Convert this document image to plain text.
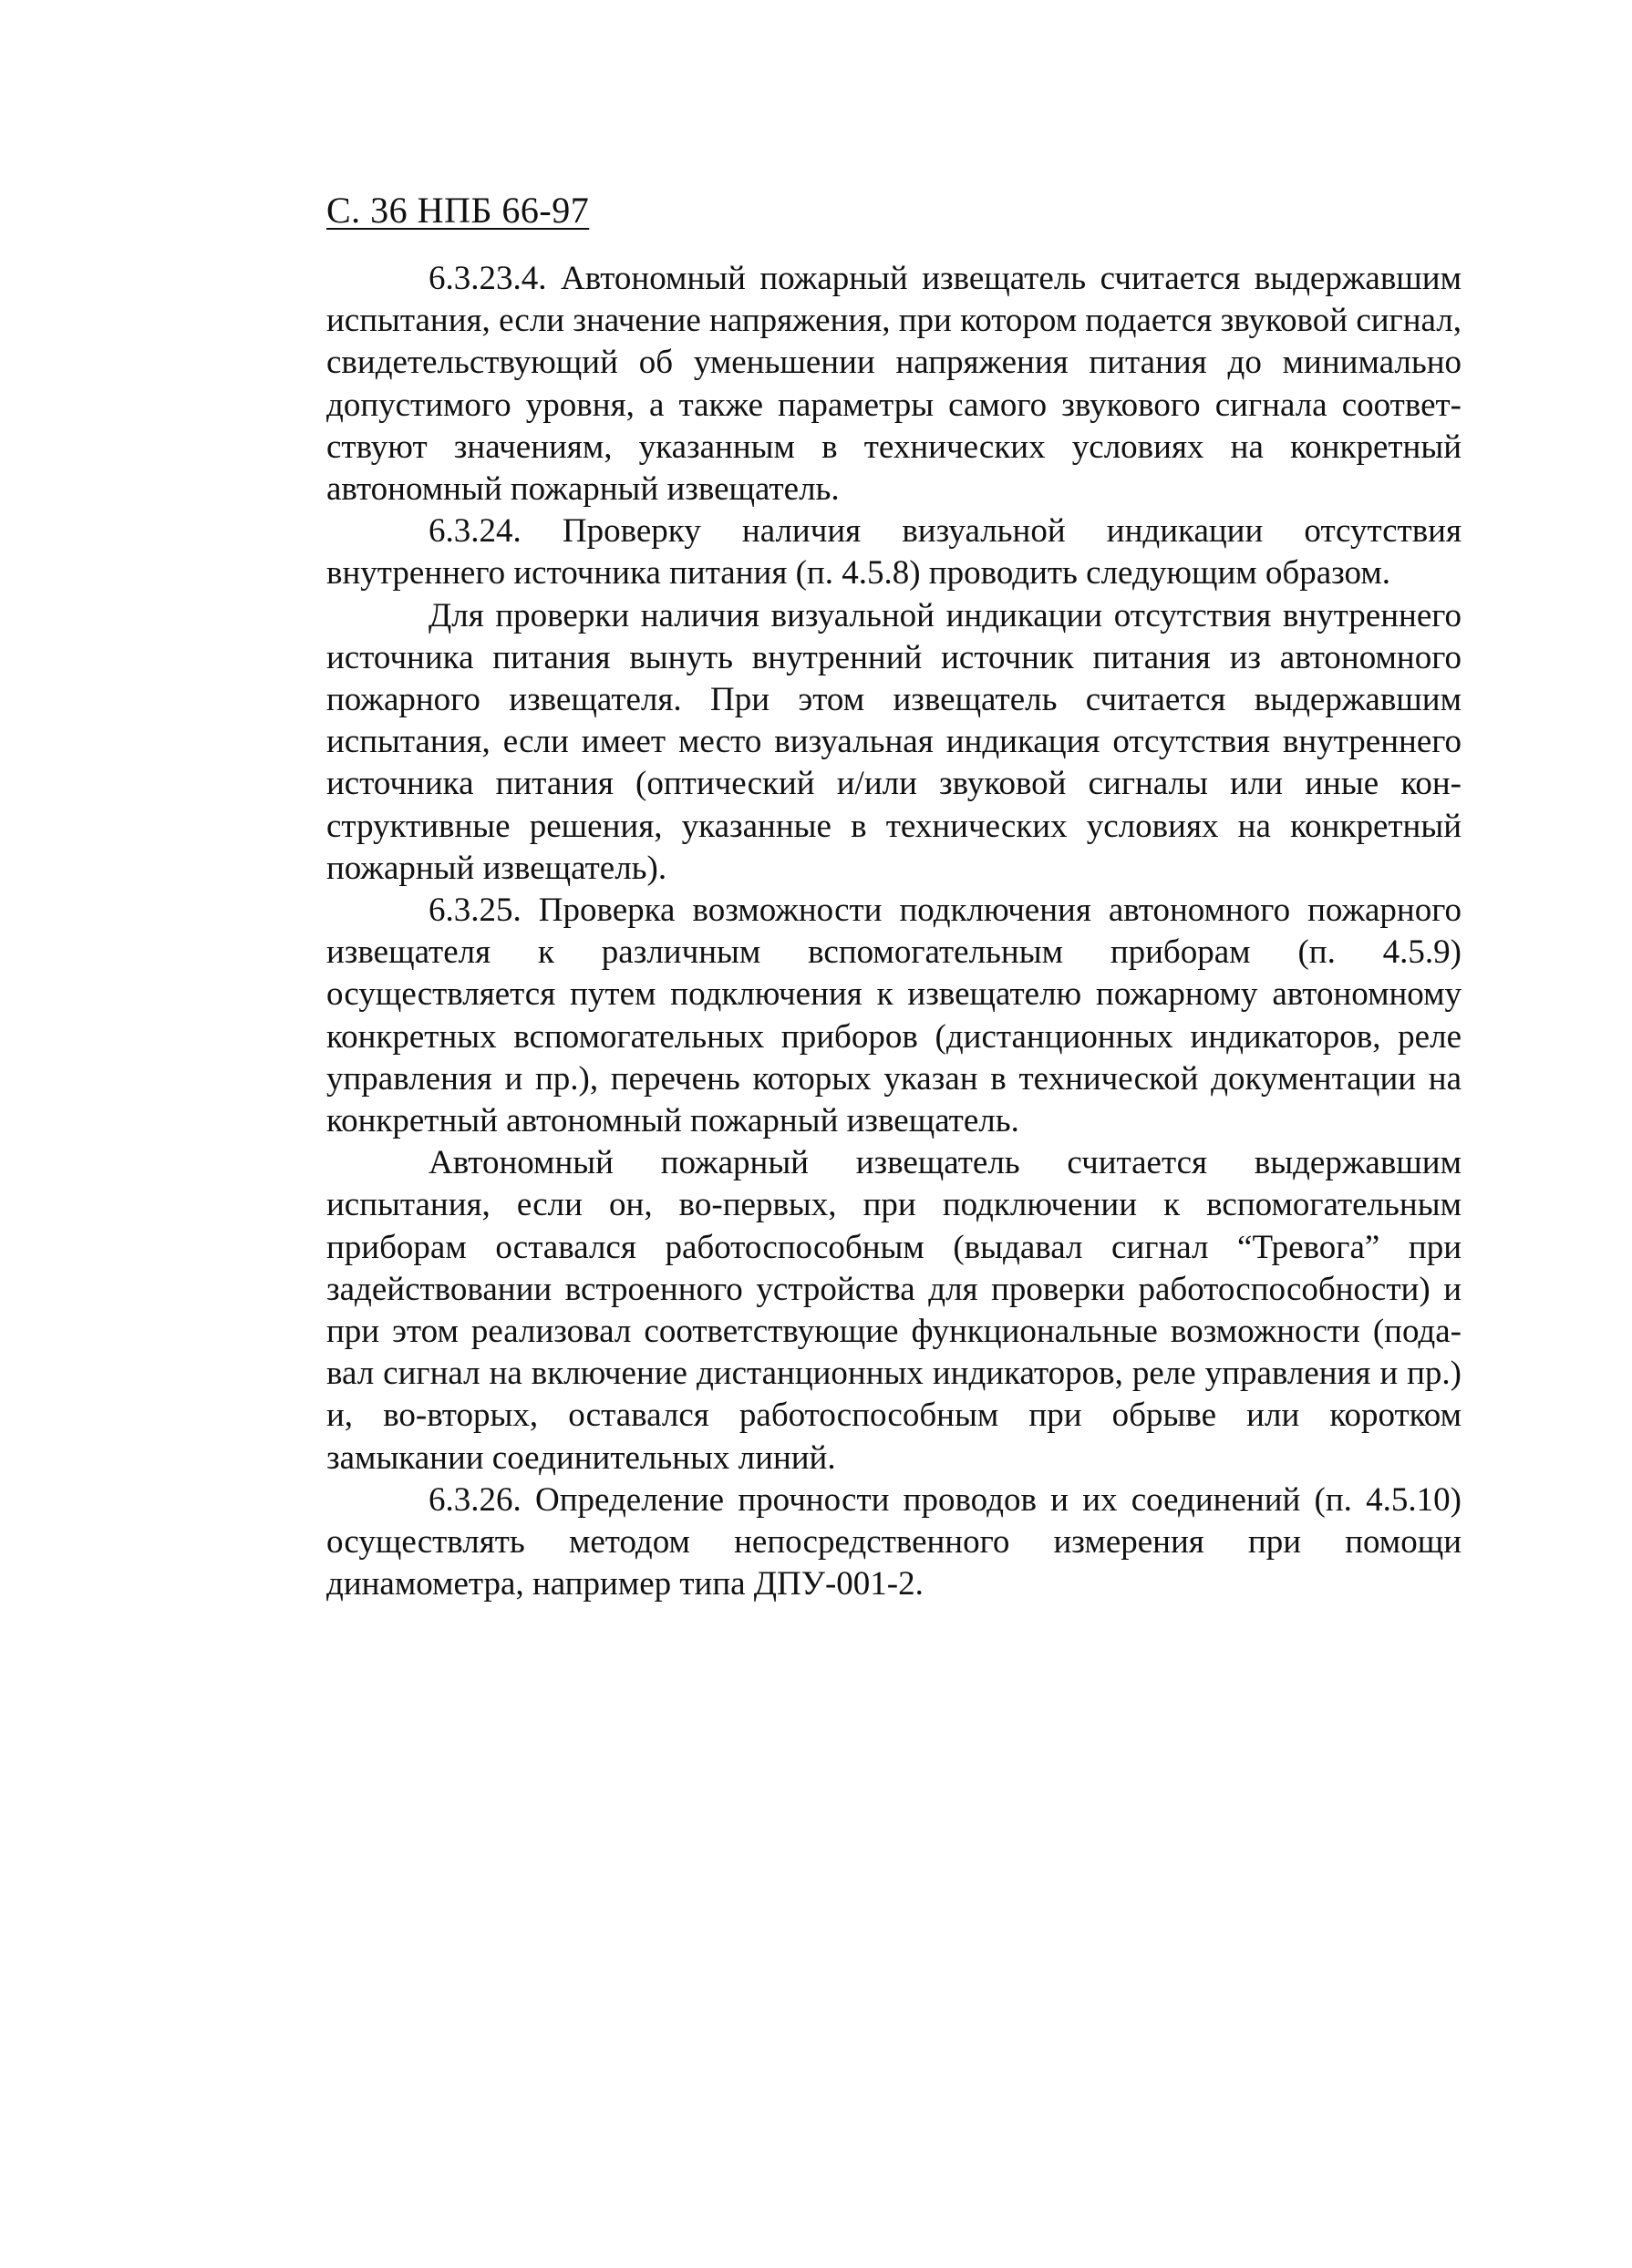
С. 36 НПБ 66-97

6.3.23.4. Автономный пожарный извещатель считается выдержавшим испытания, если значение напряжения, при котором подается звуковой сигнал, свидетельствующий об уменьшении напряжения питания до минимально допустимого уровня, а также параметры самого звукового сигнала соответствуют значениям, указанным в технических условиях на конкретный автономный пожарный извещатель.

6.3.24. Проверку наличия визуальной индикации отсутствия внутреннего источника питания (п. 4.5.8) проводить следующим образом.

Для проверки наличия визуальной индикации отсутствия внутреннего источника питания вынуть внутренний источник питания из автономного пожарного извещателя. При этом извещатель считается выдержавшим испытания, если имеет место визуальная индикация отсутствия внутреннего источника питания (оптический и/или звуковой сигналы или иные конструктивные решения, указанные в технических условиях на конкретный пожарный извещатель).

6.3.25. Проверка возможности подключения автономного пожарного извещателя к различным вспомогательным приборам (п. 4.5.9) осуществляется путем подключения к извещателю пожарному автономному конкретных вспомогательных приборов (дистанционных индикаторов, реле управления и пр.), перечень которых указан в технической документации на конкретный автономный пожарный извещатель.

Автономный пожарный извещатель считается выдержавшим испытания, если он, во-первых, при подключении к вспомогательным приборам оставался работоспособным (выдавал сигнал “Тревога” при задействовании встроенного устройства для проверки работоспособности) и при этом реализовал соответствующие функциональные возможности (подавал сигнал на включение дистанционных индикаторов, реле управления и пр.) и, во-вторых, оставался работоспособным при обрыве или коротком замыкании соединительных линий.

6.3.26. Определение прочности проводов и их соединений (п. 4.5.10) осуществлять методом непосредственного измерения при помощи динамометра, например типа ДПУ-001-2.
